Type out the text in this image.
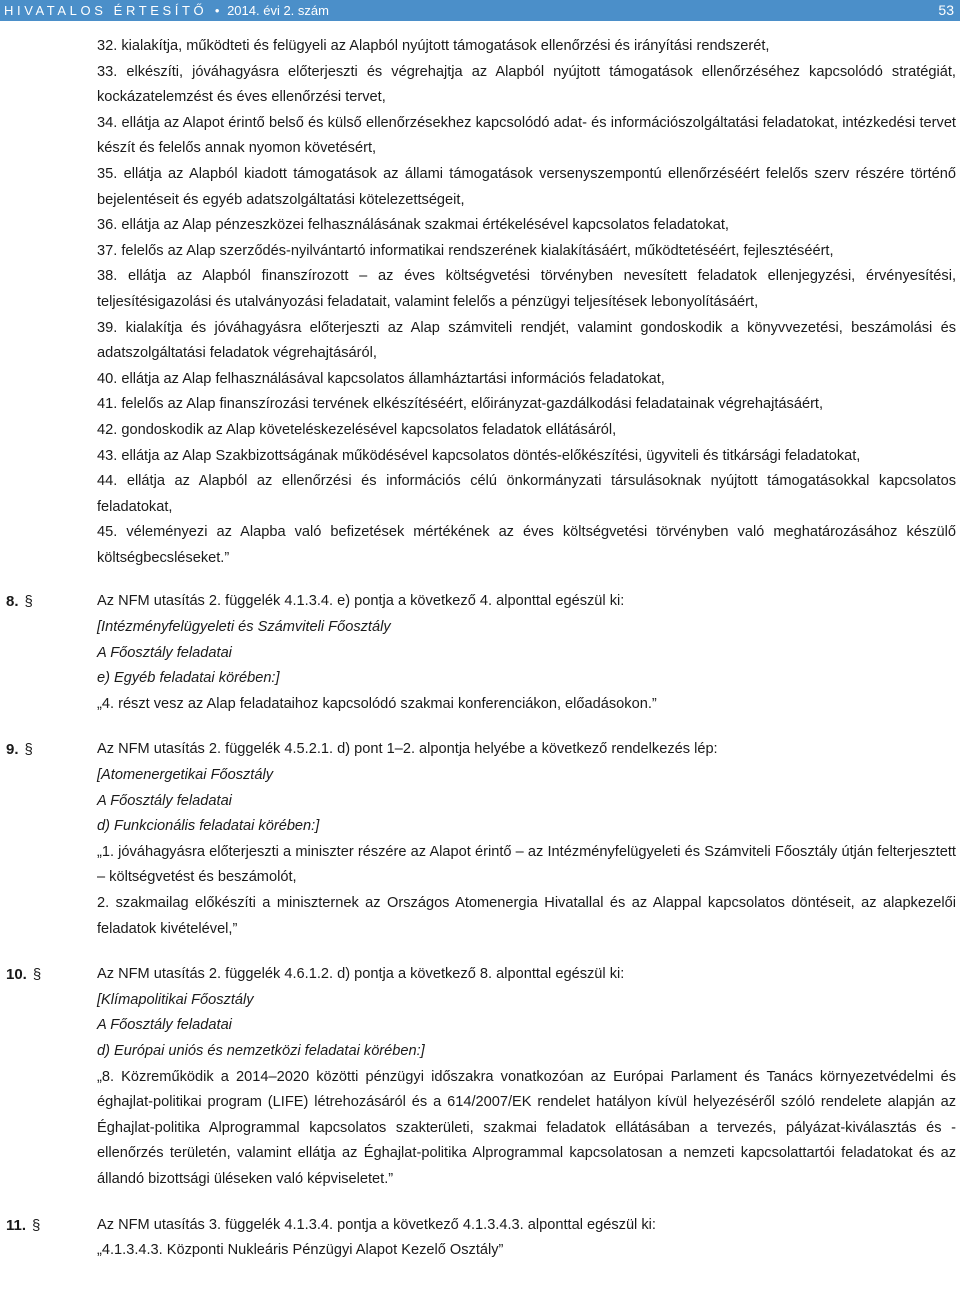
HIVATALOS ÉRTESÍTŐ • 2014. évi 2. szám	53
32. kialakítja, működteti és felügyeli az Alapból nyújtott támogatások ellenőrzési és irányítási rendszerét,
33. elkészíti, jóváhagyásra előterjeszti és végrehajtja az Alapból nyújtott támogatások ellenőrzéséhez kapcsolódó stratégiát, kockázatelemzést és éves ellenőrzési tervet,
34. ellátja az Alapot érintő belső és külső ellenőrzésekhez kapcsolódó adat- és információszolgáltatási feladatokat, intézkedési tervet készít és felelős annak nyomon követésért,
35. ellátja az Alapból kiadott támogatások az állami támogatások versenyszempontú ellenőrzéséért felelős szerv részére történő bejelentéseit és egyéb adatszolgáltatási kötelezettségeit,
36. ellátja az Alap pénzeszközei felhasználásának szakmai értékelésével kapcsolatos feladatokat,
37. felelős az Alap szerződés-nyilvántartó informatikai rendszerének kialakításáért, működtetéséért, fejlesztéséért,
38. ellátja az Alapból finanszírozott – az éves költségvetési törvényben nevesített feladatok ellenjegyzési, érvényesítési, teljesítésigazolási és utalványozási feladatait, valamint felelős a pénzügyi teljesítések lebonyolításáért,
39. kialakítja és jóváhagyásra előterjeszti az Alap számviteli rendjét, valamint gondoskodik a könyvvezetési, beszámolási és adatszolgáltatási feladatok végrehajtásáról,
40. ellátja az Alap felhasználásával kapcsolatos államháztartási információs feladatokat,
41. felelős az Alap finanszírozási tervének elkészítéséért, előirányzat-gazdálkodási feladatainak végrehajtásáért,
42. gondoskodik az Alap követeléskezelésével kapcsolatos feladatok ellátásáról,
43. ellátja az Alap Szakbizottságának működésével kapcsolatos döntés-előkészítési, ügyviteli és titkársági feladatokat,
44. ellátja az Alapból az ellenőrzési és információs célú önkormányzati társulásoknak nyújtott támogatásokkal kapcsolatos feladatokat,
45. véleményezi az Alapba való befizetések mértékének az éves költségvetési törvényben való meghatározásához készülő költségbecsléseket.”
8. §	Az NFM utasítás 2. függelék 4.1.3.4. e) pontja a következő 4. alponttal egészül ki:
[Intézményfelügyeleti és Számviteli Főosztály
A Főosztály feladatai
e) Egyéb feladatai körében:]
„4. részt vesz az Alap feladataihoz kapcsolódó szakmai konferenciákon, előadásokon.”
9. §	Az NFM utasítás 2. függelék 4.5.2.1. d) pont 1–2. alpontja helyébe a következő rendelkezés lép:
[Atomenergetikai Főosztály
A Főosztály feladatai
d) Funkcionális feladatai körében:]
„1. jóváhagyásra előterjeszti a miniszter részére az Alapot érintő – az Intézményfelügyeleti és Számviteli Főosztály útján felterjesztett – költségvetést és beszámolót,
2. szakmailag előkészíti a miniszternek az Országos Atomenergia Hivatallal és az Alappal kapcsolatos döntéseit, az alapkezelői feladatok kivételével,”
10. §	Az NFM utasítás 2. függelék 4.6.1.2. d) pontja a következő 8. alponttal egészül ki:
[Klímapolitikai Főosztály
A Főosztály feladatai
d) Európai uniós és nemzetközi feladatai körében:]
„8. Közreműködik a 2014–2020 közötti pénzügyi időszakra vonatkozóan az Európai Parlament és Tanács környezetvédelmi és éghajlat-politikai program (LIFE) létrehozásáról és a 614/2007/EK rendelet hatályon kívül helyezéséről szóló rendelete alapján az Éghajlat-politika Alprogrammal kapcsolatos szakterületi, szakmai feladatok ellátásában a tervezés, pályázat-kiválasztás és -ellenőrzés területén, valamint ellátja az Éghajlat-politika Alprogrammal kapcsolatosan a nemzeti kapcsolattartói feladatokat és az állandó bizottsági üléseken való képviseletet.”
11. §	Az NFM utasítás 3. függelék 4.1.3.4. pontja a következő 4.1.3.4.3. alponttal egészül ki:
„4.1.3.4.3. Központi Nukleáris Pénzügyi Alapot Kezelő Osztály”
